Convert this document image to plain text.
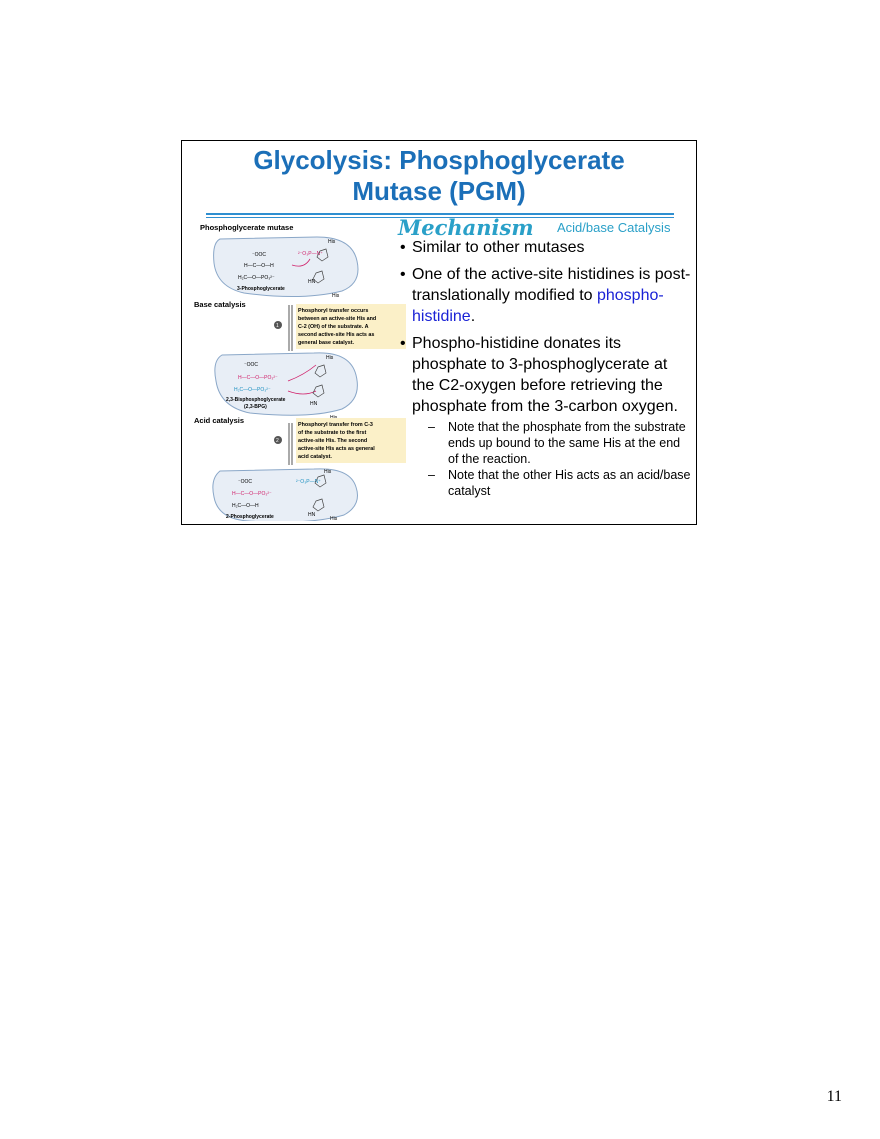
Glycolysis: Phosphoglycerate
Mutase (PGM)
Phosphoglycerate mutase
⁻OOC
H—C—O—H
H₂C—O—PO₃²⁻
3-Phosphoglycerate
²⁻O₃P—N⁺
HN
His
His
Base catalysis
1
Phosphoryl transfer occurs
between an active-site His and
C-2 (OH) of the substrate. A
second active-site His acts as
general base catalyst.
⁻OOC
H—C—O—PO₃²⁻
H₂C—O—PO₃²⁻
2,3-Bisphosphoglycerate
(2,3-BPG)	HN
His
Acid catalysis
2
Phosphoryl transfer from C-3
of the substrate to the first
active-site His. The second
active-site His acts as general
acid catalyst.
⁻OOC
H—C—O—PO₃²⁻
H₂C—O—H
2-Phosphoglycerate
²⁻O₃P—N⁺
HN
His
His
Mechanism Acid/base Catalysis
• Similar to other mutases
• One of the active-site histidines is post-translationally modified to phospho-histidine.
• Phospho-histidine donates its phosphate to 3-phosphoglycerate at the C2-oxygen before retrieving the phosphate from the 3-carbon oxygen.
– Note that the phosphate from the substrate ends up bound to the same His at the end of the reaction.
– Note that the other His acts as an acid/base catalyst
11
